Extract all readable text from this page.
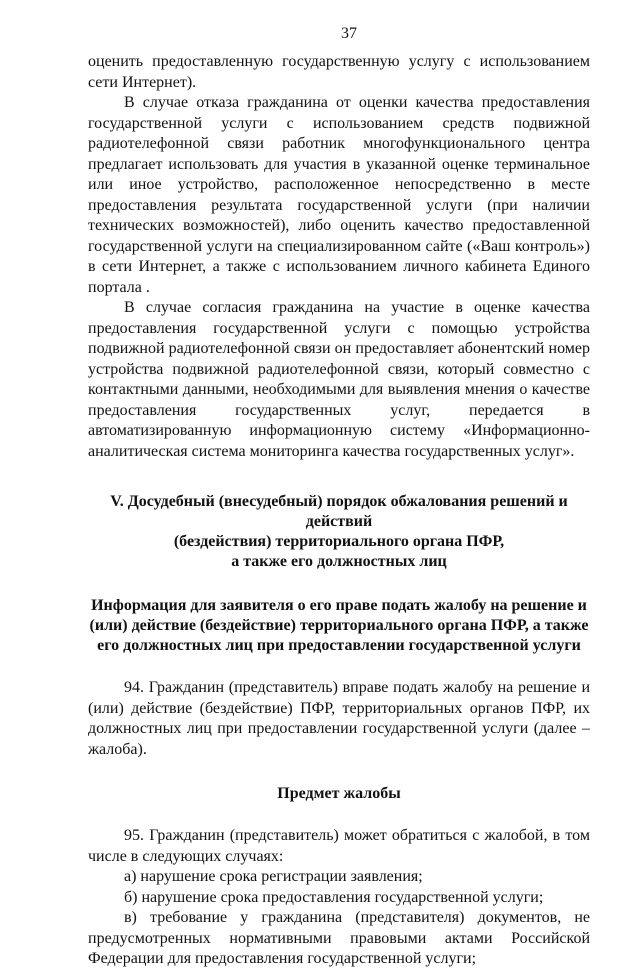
37

оценить предоставленную государственную услугу с использованием сети Интернет).

В случае отказа гражданина от оценки качества предоставления государственной услуги с использованием средств подвижной радиотелефонной связи работник многофункционального центра предлагает использовать для участия в указанной оценке терминальное или иное устройство, расположенное непосредственно в месте предоставления результата государственной услуги (при наличии технических возможностей), либо оценить качество предоставленной государственной услуги на специализированном сайте («Ваш контроль») в сети Интернет, а также с использованием личного кабинета Единого портала .

В случае согласия гражданина на участие в оценке качества предоставления государственной услуги с помощью устройства подвижной радиотелефонной связи он предоставляет абонентский номер устройства подвижной радиотелефонной связи, который совместно с контактными данными, необходимыми для выявления мнения о качестве предоставления государственных услуг, передается в автоматизированную информационную систему «Информационно-аналитическая система мониторинга качества государственных услуг».

V. Досудебный (внесудебный) порядок обжалования решений и действий
(бездействия) территориального органа ПФР,
а также его должностных лиц
Информация для заявителя о его праве подать жалобу на решение и
(или) действие (бездействие) территориального органа ПФР, а также
его должностных лиц при предоставлении государственной услуги

94. Гражданин (представитель) вправе подать жалобу на решение и (или) действие (бездействие) ПФР, территориальных органов ПФР, их должностных лиц при предоставлении государственной услуги (далее – жалоба).

Предмет жалобы

95. Гражданин (представитель) может обратиться с жалобой, в том числе в следующих случаях:

а) нарушение срока регистрации заявления;

б) нарушение срока предоставления государственной услуги;

в) требование у гражданина (представителя) документов, не предусмотренных нормативными правовыми актами Российской Федерации для предоставления государственной услуги;
